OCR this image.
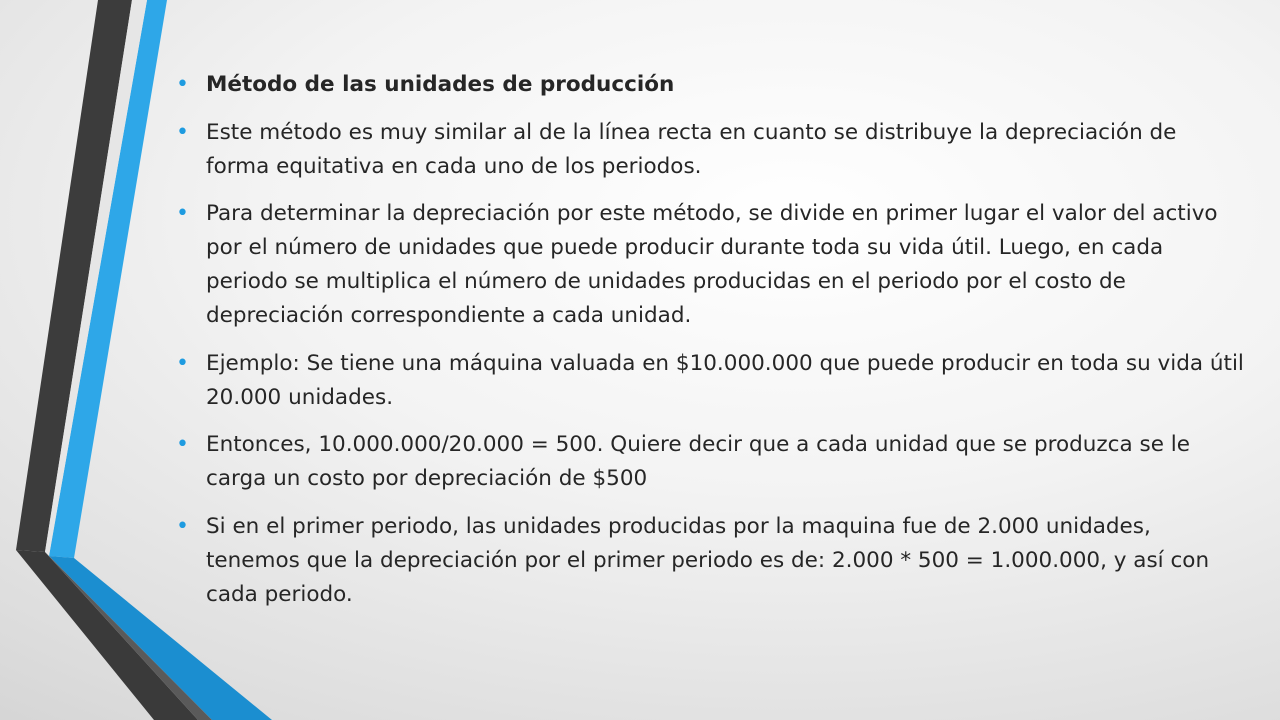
• Método de las unidades de producción
• Este método es muy similar al de la línea recta en cuanto se distribuye la depreciación de forma equitativa en cada uno de los periodos.
• Para determinar la depreciación por este método, se divide en primer lugar el valor del activo por el número de unidades que puede producir durante toda su vida útil. Luego, en cada periodo se multiplica el número de unidades producidas en el periodo por el costo de depreciación correspondiente a cada unidad.
• Ejemplo: Se tiene una máquina valuada en $10.000.000 que puede producir en toda su vida útil 20.000 unidades.
• Entonces, 10.000.000/20.000 = 500. Quiere decir que a cada unidad que se produzca se le carga un costo por depreciación de $500
• Si en el primer periodo, las unidades producidas por la maquina fue de 2.000 unidades, tenemos que la depreciación por el primer periodo es de: 2.000 * 500 = 1.000.000, y así con cada periodo.
